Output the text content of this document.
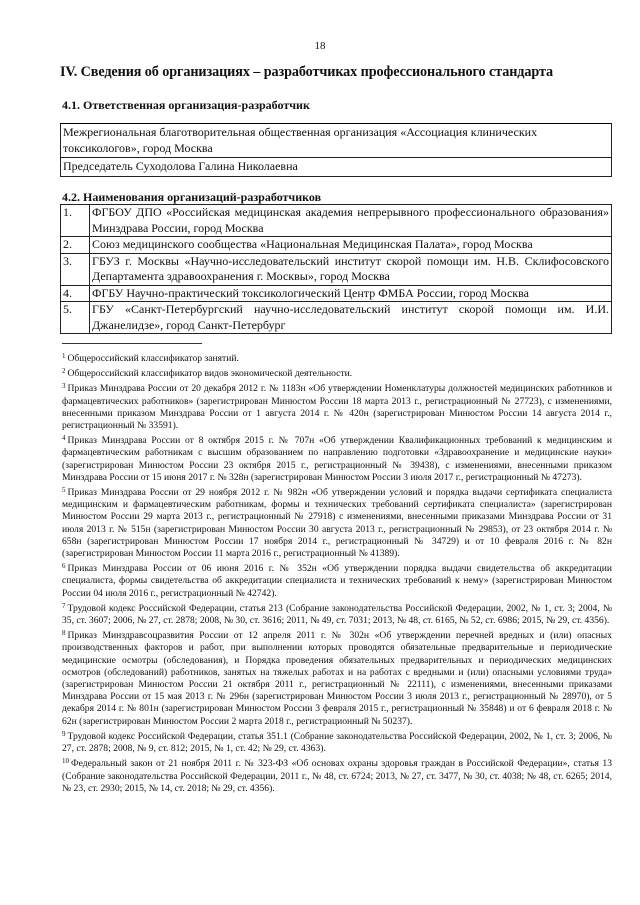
18
IV. Сведения об организациях – разработчиках профессионального стандарта
4.1. Ответственная организация-разработчик
Межрегиональная благотворительная общественная организация «Ассоциация клинических токсикологов», город Москва
Председатель Суходолова Галина Николаевна
4.2. Наименования организаций-разработчиков
1.	ФГБОУ ДПО «Российская медицинская академия непрерывного профессионального образования» Минздрава России, город Москва
2.	Союз медицинского сообщества «Национальная Медицинская Палата», город Москва
3.	ГБУЗ г. Москвы «Научно-исследовательский институт скорой помощи им. Н.В. Склифосовского Департамента здравоохранения г. Москвы», город Москва
4.	ФГБУ Научно-практический токсикологический Центр ФМБА России, город Москва
5.	ГБУ «Санкт-Петербургский научно-исследовательский институт скорой помощи им. И.И. Джанелидзе», город Санкт-Петербург

$^1$ Общероссийский классификатор занятий.

$^2$ Общероссийский классификатор видов экономической деятельности.

$^3$ Приказ Минздрава России от 20 декабря 2012 г. № 1183н «Об утверждении Номенклатуры должностей медицинских работников и фармацевтических работников» (зарегистрирован Минюстом России 18 марта 2013 г., регистрационный № 27723), с изменениями, внесенными приказом Минздрава России от 1 августа 2014 г. № 420н (зарегистрирован Минюстом России 14 августа 2014 г., регистрационный № 33591).

$^4$ Приказ Минздрава России от 8 октября 2015 г. № 707н «Об утверждении Квалификационных требований к медицинским и фармацевтическим работникам с высшим образованием по направлению подготовки «Здравоохранение и медицинские науки» (зарегистрирован Минюстом России 23 октября 2015 г., регистрационный № 39438), с изменениями, внесенными приказом Минздрава России от 15 июня 2017 г. № 328н (зарегистрирован Минюстом России 3 июля 2017 г., регистрационный № 47273).

$^5$ Приказ Минздрава России от 29 ноября 2012 г. № 982н «Об утверждении условий и порядка выдачи сертификата специалиста медицинским и фармацевтическим работникам, формы и технических требований сертификата специалиста» (зарегистрирован Минюстом России 29 марта 2013 г., регистрационный № 27918) с изменениями, внесенными приказами Минздрава России от 31 июля 2013 г. № 515н (зарегистрирован Минюстом России 30 августа 2013 г., регистрационный № 29853), от 23 октября 2014 г. № 658н (зарегистрирован Минюстом России 17 ноября 2014 г., регистрационный № 34729) и от 10 февраля 2016 г. № 82н (зарегистрирован Минюстом России 11 марта 2016 г., регистрационный № 41389).

$^6$ Приказ Минздрава России от 06 июня 2016 г. № 352н «Об утверждении порядка выдачи свидетельства об аккредитации специалиста, формы свидетельства об аккредитации специалиста и технических требований к нему» (зарегистрирован Минюстом России 04 июля 2016 г., регистрационный № 42742).

$^7$ Трудовой кодекс Российской Федерации, статья 213 (Собрание законодательства Российской Федерации, 2002, № 1, ст. 3; 2004, № 35, ст. 3607; 2006, № 27, ст. 2878; 2008, № 30, ст. 3616; 2011, № 49, ст. 7031; 2013, № 48, ст. 6165, № 52, ст. 6986; 2015, № 29, ст. 4356).

$^8$ Приказ Минздравсоцразвития России от 12 апреля 2011 г. № 302н «Об утверждении перечней вредных и (или) опасных производственных факторов и работ, при выполнении которых проводятся обязательные предварительные и периодические медицинские осмотры (обследования), и Порядка проведения обязательных предварительных и периодических медицинских осмотров (обследований) работников, занятых на тяжелых работах и на работах с вредными и (или) опасными условиями труда» (зарегистрирован Минюстом России 21 октября 2011 г., регистрационный № 22111), с изменениями, внесенными приказами Минздрава России от 15 мая 2013 г. № 296н (зарегистрирован Минюстом России 3 июля 2013 г., регистрационный № 28970), от 5 декабря 2014 г. № 801н (зарегистрирован Минюстом России 3 февраля 2015 г., регистрационный № 35848) и от 6 февраля 2018 г. № 62н (зарегистрирован Минюстом России 2 марта 2018 г., регистрационный № 50237).

$^9$ Трудовой кодекс Российской Федерации, статья 351.1 (Собрание законодательства Российской Федерации, 2002, № 1, ст. 3; 2006, № 27, ст. 2878; 2008, № 9, ст. 812; 2015, № 1, ст. 42; № 29, ст. 4363).

$^{10}$ Федеральный закон от 21 ноября 2011 г. № 323-ФЗ «Об основах охраны здоровья граждан в Российской Федерации», статья 13 (Собрание законодательства Российской Федерации, 2011 г., № 48, ст. 6724; 2013, № 27, ст. 3477, № 30, ст. 4038; № 48, ст. 6265; 2014, № 23, ст. 2930; 2015, № 14, ст. 2018; № 29, ст. 4356).
